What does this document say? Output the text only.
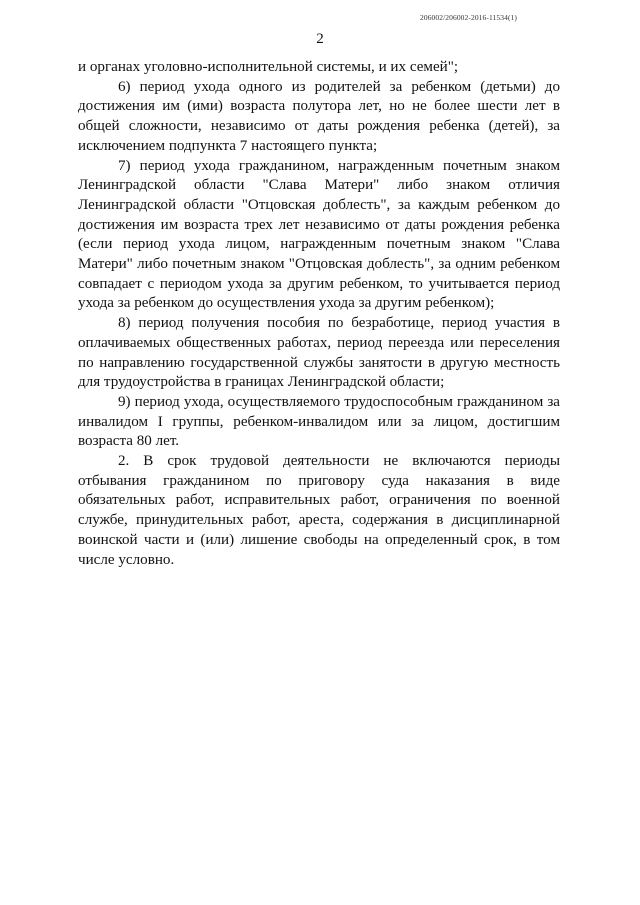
206002/206002-2016-11534(1)
2

и органах уголовно-исполнительной системы, и их семей";

6) период ухода одного из родителей за ребенком (детьми) до достижения им (ими) возраста полутора лет, но не более шести лет в общей сложности, независимо от даты рождения ребенка (детей), за исключением подпункта 7 настоящего пункта;

7) период ухода гражданином, награжденным почетным знаком Ленинградской области "Слава Матери" либо знаком отличия Ленинградской области "Отцовская доблесть", за каждым ребенком до достижения им возраста трех лет независимо от даты рождения ребенка (если период ухода лицом, награжденным почетным знаком "Слава Матери" либо почетным знаком "Отцовская доблесть", за одним ребенком совпадает с периодом ухода за другим ребенком, то учитывается период ухода за ребенком до осуществления ухода за другим ребенком);

8) период получения пособия по безработице, период участия в оплачиваемых общественных работах, период переезда или переселения по направлению государственной службы занятости в другую местность для трудоустройства в границах Ленинградской области;

9) период ухода, осуществляемого трудоспособным гражданином за инвалидом I группы, ребенком-инвалидом или за лицом, достигшим возраста 80 лет.

2. В срок трудовой деятельности не включаются периоды отбывания гражданином по приговору суда наказания в виде обязательных работ, исправительных работ, ограничения по военной службе, принудительных работ, ареста, содержания в дисциплинарной воинской части и (или) лишение свободы на определенный срок, в том числе условно.
